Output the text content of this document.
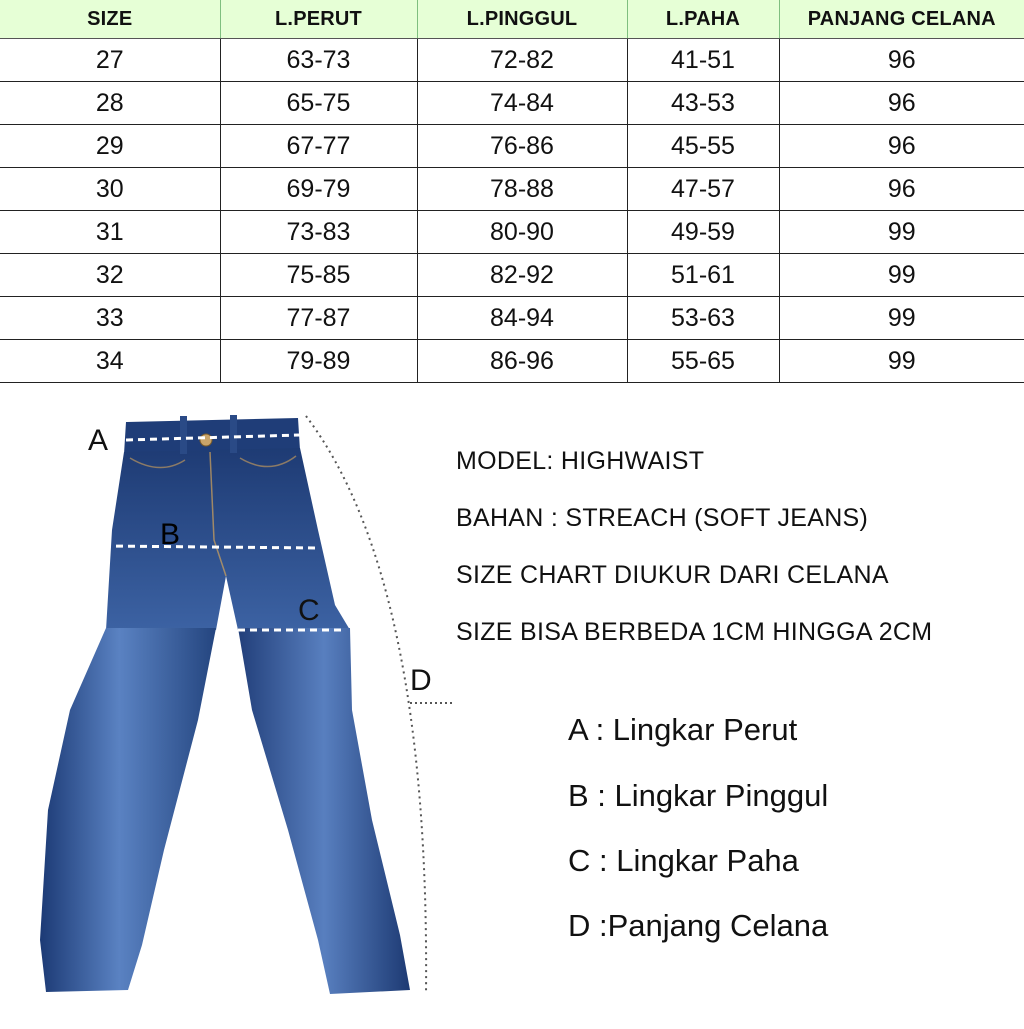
SIZE	L.PERUT	L.PINGGUL	L.PAHA	PANJANG CELANA
27	63-73	72-82	41-51	96
28	65-75	74-84	43-53	96
29	67-77	76-86	45-55	96
30	69-79	78-88	47-57	96
31	73-83	80-90	49-59	99
32	75-85	82-92	51-61	99
33	77-87	84-94	53-63	99
34	79-89	86-96	55-65	99
A
B
C
D
MODEL: HIGHWAIST
BAHAN : STREACH (SOFT JEANS)
SIZE CHART DIUKUR DARI CELANA
SIZE BISA BERBEDA 1CM HINGGA 2CM
A : Lingkar Perut
B : Lingkar Pinggul
C : Lingkar Paha
D :Panjang Celana
